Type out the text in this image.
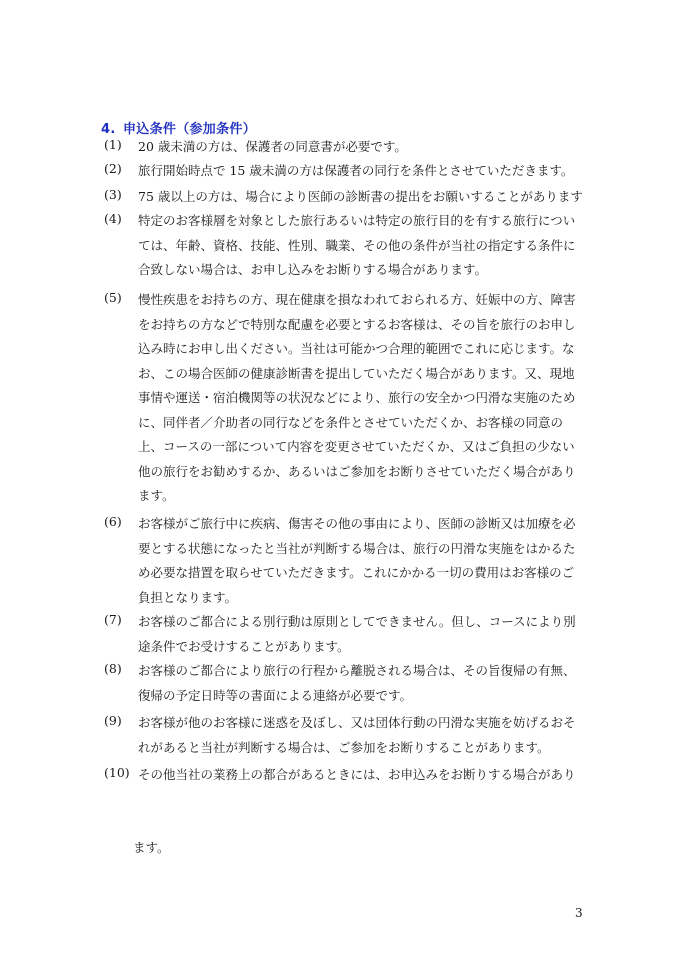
4. 申込条件（参加条件）
(1)	20 歳未満の方は、保護者の同意書が必要です。
(2)	旅行開始時点で 15 歳未満の方は保護者の同行を条件とさせていただきます。
(3)	75 歳以上の方は、場合により医師の診断書の提出をお願いすることがあります
(4)	特定のお客様層を対象とした旅行あるいは特定の旅行目的を有する旅行につい
ては、年齢、資格、技能、性別、職業、その他の条件が当社の指定する条件に
合致しない場合は、お申し込みをお断りする場合があります。
(5)	慢性疾患をお持ちの方、現在健康を損なわれておられる方、妊娠中の方、障害
をお持ちの方などで特別な配慮を必要とするお客様は、その旨を旅行のお申し
込み時にお申し出ください。当社は可能かつ合理的範囲でこれに応じます。な
お、この場合医師の健康診断書を提出していただく場合があります。又、現地
事情や運送・宿泊機関等の状況などにより、旅行の安全かつ円滑な実施のため
に、同伴者／介助者の同行などを条件とさせていただくか、お客様の同意の
上、コースの一部について内容を変更させていただくか、又はご負担の少ない
他の旅行をお勧めするか、あるいはご参加をお断りさせていただく場合があり
ます。
(6)	お客様がご旅行中に疾病、傷害その他の事由により、医師の診断又は加療を必
要とする状態になったと当社が判断する場合は、旅行の円滑な実施をはかるた
め必要な措置を取らせていただきます。これにかかる一切の費用はお客様のご
負担となります。
(7)	お客様のご都合による別行動は原則としてできません。但し、コースにより別
途条件でお受けすることがあります。
(8)	お客様のご都合により旅行の行程から離脱される場合は、その旨復帰の有無、
復帰の予定日時等の書面による連絡が必要です。
(9)	お客様が他のお客様に迷惑を及ぼし、又は団体行動の円滑な実施を妨げるおそ
れがあると当社が判断する場合は、ご参加をお断りすることがあります。
(10) その他当社の業務上の都合があるときには、お申込みをお断りする場合があり
ます。
3
